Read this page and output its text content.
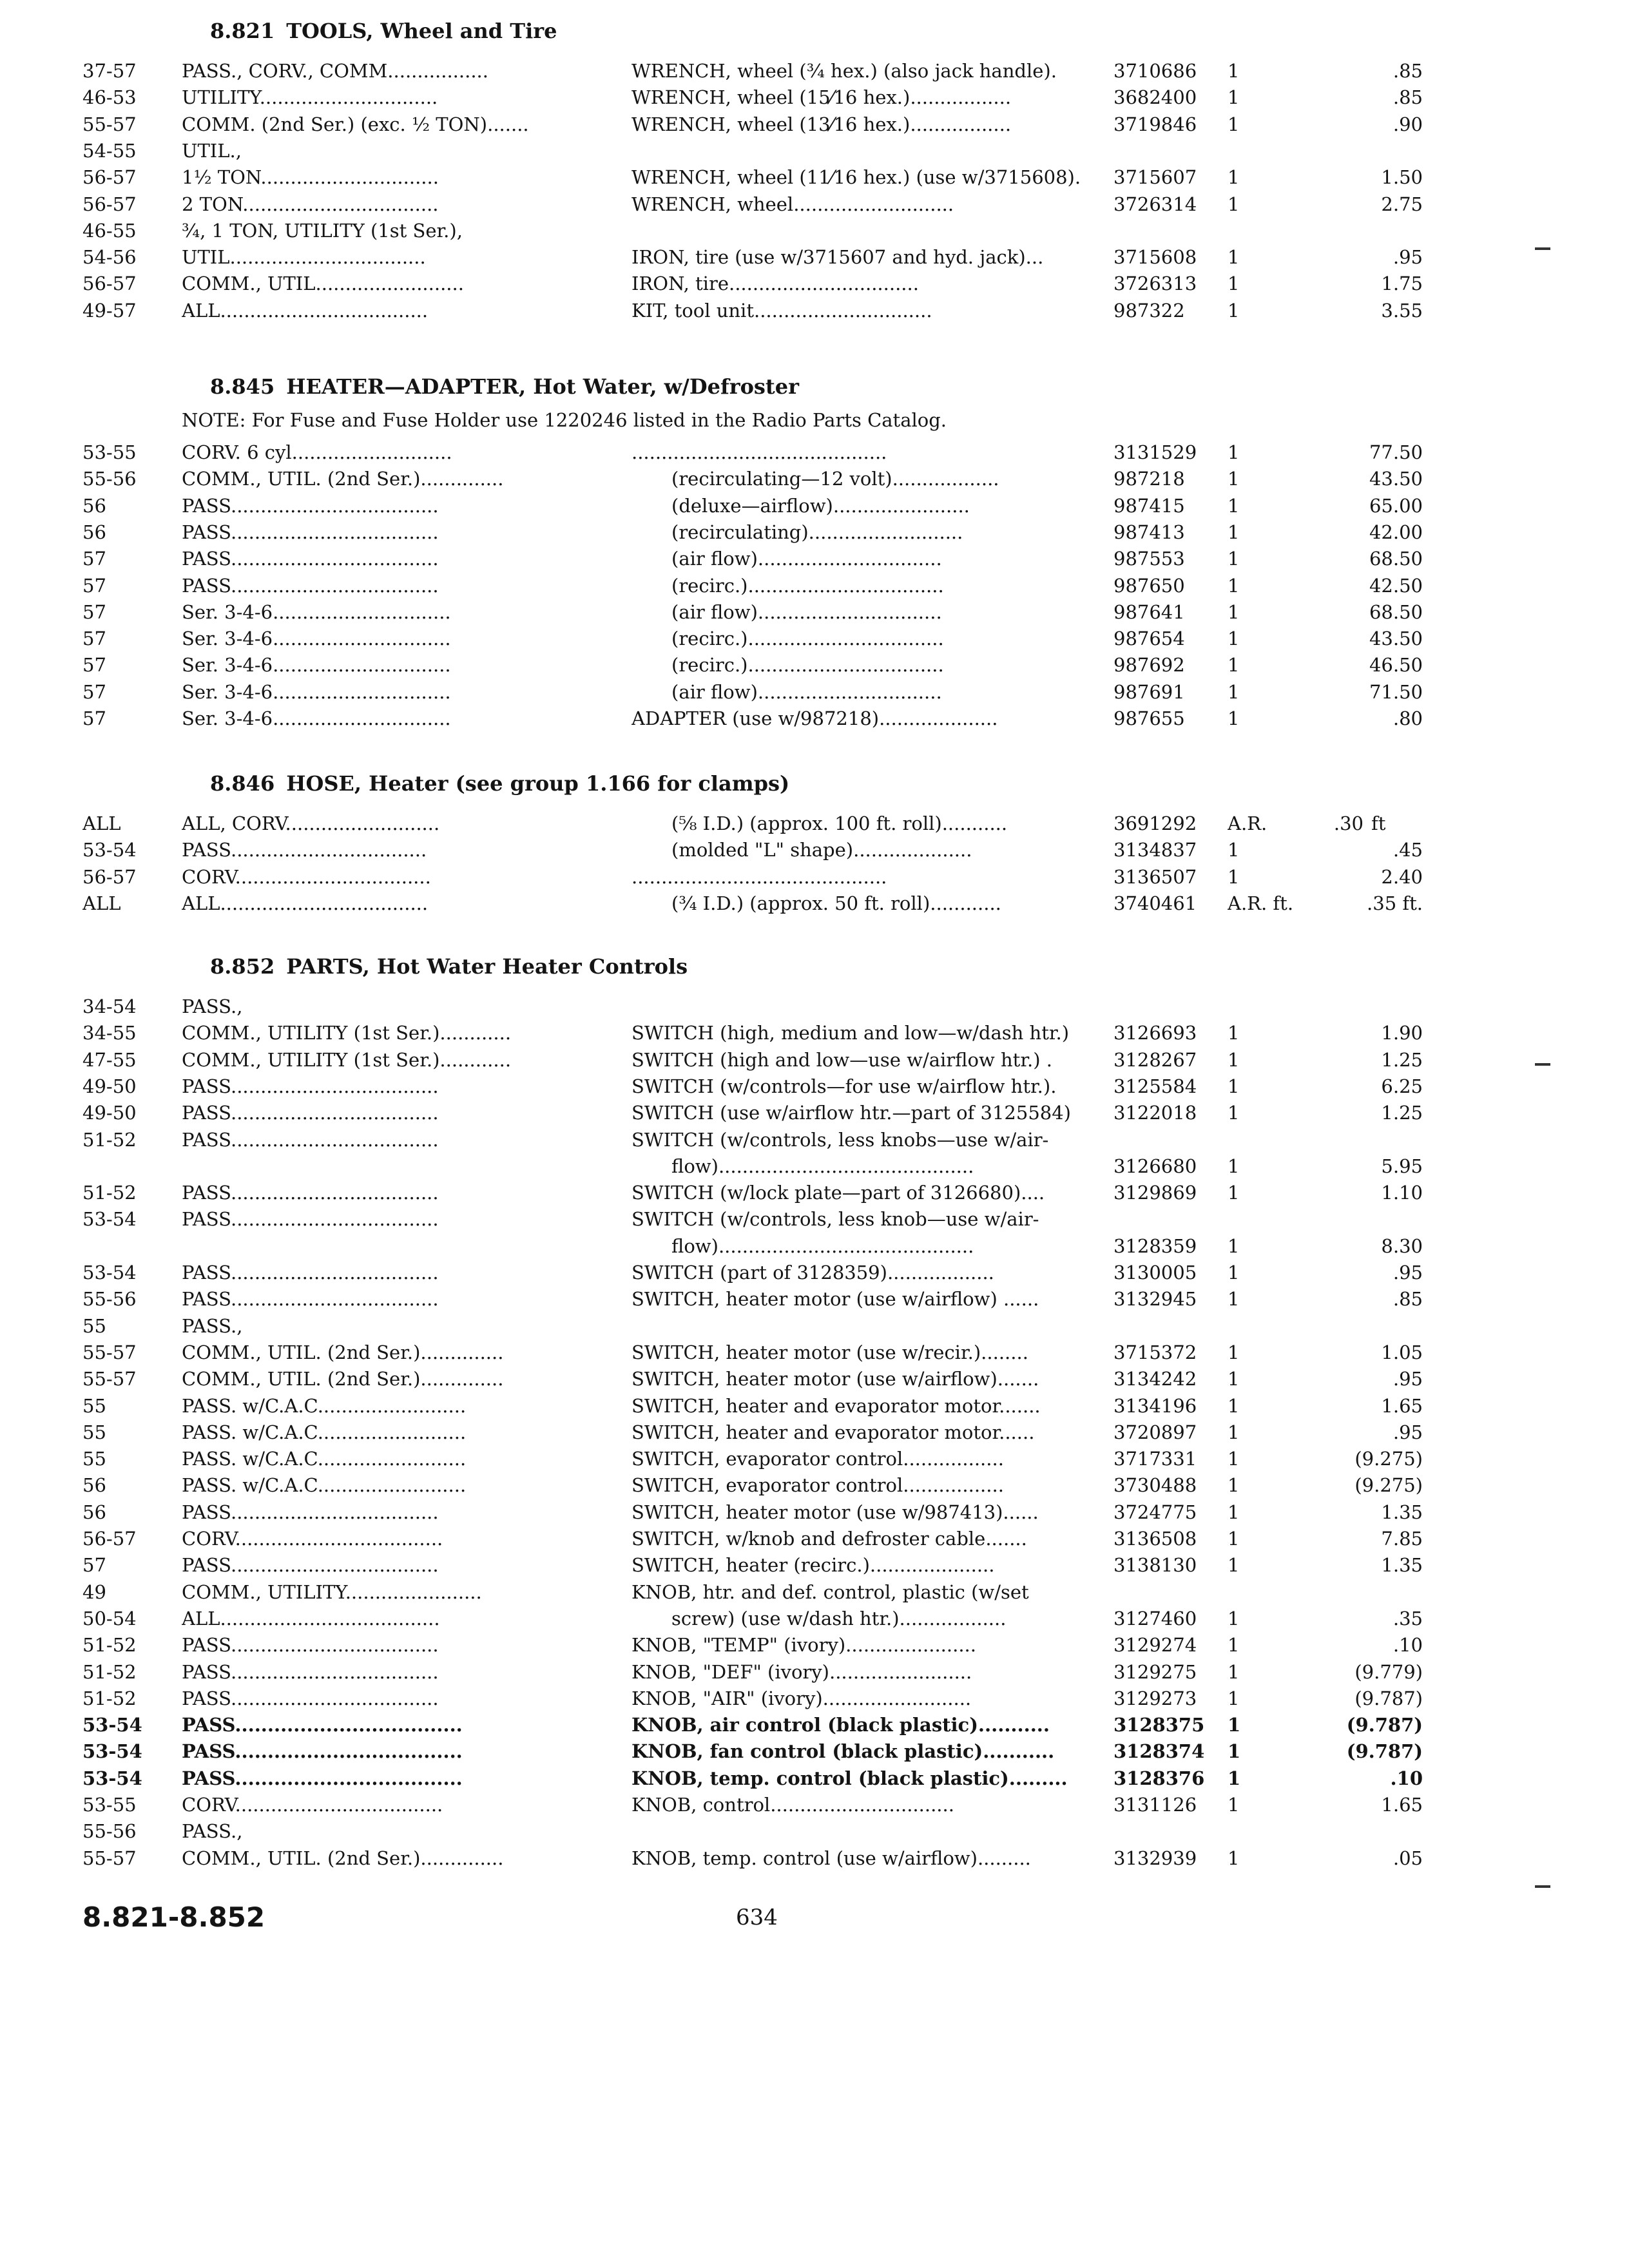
8.821-8.852	634
8.821 TOOLS, Wheel and Tire
37-57	PASS., CORV., COMM.................	WRENCH, wheel (¾ hex.) (also jack handle).	3710686	1	.85
46-53	UTILITY..............................	WRENCH, wheel (15⁄16 hex.).................	3682400	1	.85
55-57	COMM. (2nd Ser.) (exc. ½ TON).......	WRENCH, wheel (13⁄16 hex.).................	3719846	1	.90
54-55	UTIL.,
56-57	1½ TON..............................	WRENCH, wheel (11⁄16 hex.) (use w/3715608).	3715607	1	1.50
56-57	2 TON.................................	WRENCH, wheel...........................	3726314	1	2.75
46-55	¾, 1 TON, UTILITY (1st Ser.),
54-56	UTIL.................................	IRON, tire (use w/3715607 and hyd. jack)...	3715608	1	.95
56-57	COMM., UTIL.........................	IRON, tire................................	3726313	1	1.75
49-57	ALL...................................	KIT, tool unit..............................	987322	1	3.55
8.845 HEATER—ADAPTER, Hot Water, w/Defroster
NOTE: For Fuse and Fuse Holder use 1220246 listed in the Radio Parts Catalog.
53-55	CORV. 6 cyl...........................	...........................................	3131529	1	77.50
55-56	COMM., UTIL. (2nd Ser.)..............	(recirculating—12 volt)..................	987218	1	43.50
56	PASS...................................	(deluxe—airflow).......................	987415	1	65.00
56	PASS...................................	(recirculating)..........................	987413	1	42.00
57	PASS...................................	(air flow)...............................	987553	1	68.50
57	PASS...................................	(recirc.).................................	987650	1	42.50
57	Ser. 3-4-6..............................	(air flow)...............................	987641	1	68.50
57	Ser. 3-4-6..............................	(recirc.).................................	987654	1	43.50
57	Ser. 3-4-6..............................	(recirc.).................................	987692	1	46.50
57	Ser. 3-4-6..............................	(air flow)...............................	987691	1	71.50
57	Ser. 3-4-6..............................	ADAPTER (use w/987218)....................	987655	1	.80
8.846 HOSE, Heater (see group 1.166 for clamps)
ALL	ALL, CORV..........................	(⅝ I.D.) (approx. 100 ft. roll)...........	3691292	A.R.	.30 ft
53-54	PASS.................................	(molded "L" shape)....................	3134837	1	.45
56-57	CORV.................................	...........................................	3136507	1	2.40
ALL	ALL...................................	(¾ I.D.) (approx. 50 ft. roll)............	3740461	A.R. ft.	.35 ft.
8.852 PARTS, Hot Water Heater Controls
34-54	PASS.,
34-55	COMM., UTILITY (1st Ser.)............	SWITCH (high, medium and low—w/dash htr.)	3126693	1	1.90
47-55	COMM., UTILITY (1st Ser.)............	SWITCH (high and low—use w/airflow htr.) .	3128267	1	1.25
49-50	PASS...................................	SWITCH (w/controls—for use w/airflow htr.).	3125584	1	6.25
49-50	PASS...................................	SWITCH (use w/airflow htr.—part of 3125584)	3122018	1	1.25
51-52	PASS...................................	SWITCH (w/controls, less knobs—use w/air-
flow)...........................................	3126680	1	5.95
51-52	PASS...................................	SWITCH (w/lock plate—part of 3126680)....	3129869	1	1.10
53-54	PASS...................................	SWITCH (w/controls, less knob—use w/air-
flow)...........................................	3128359	1	8.30
53-54	PASS...................................	SWITCH (part of 3128359)..................	3130005	1	.95
55-56	PASS...................................	SWITCH, heater motor (use w/airflow) ......	3132945	1	.85
55	PASS.,
55-57	COMM., UTIL. (2nd Ser.)..............	SWITCH, heater motor (use w/recir.)........	3715372	1	1.05
55-57	COMM., UTIL. (2nd Ser.)..............	SWITCH, heater motor (use w/airflow).......	3134242	1	.95
55	PASS. w/C.A.C.........................	SWITCH, heater and evaporator motor.......	3134196	1	1.65
55	PASS. w/C.A.C.........................	SWITCH, heater and evaporator motor......	3720897	1	.95
55	PASS. w/C.A.C.........................	SWITCH, evaporator control.................	3717331	1	(9.275)
56	PASS. w/C.A.C.........................	SWITCH, evaporator control.................	3730488	1	(9.275)
56	PASS...................................	SWITCH, heater motor (use w/987413)......	3724775	1	1.35
56-57	CORV...................................	SWITCH, w/knob and defroster cable.......	3136508	1	7.85
57	PASS...................................	SWITCH, heater (recirc.).....................	3138130	1	1.35
49	COMM., UTILITY.......................	KNOB, htr. and def. control, plastic (w/set
50-54	ALL.....................................	screw) (use w/dash htr.)..................	3127460	1	.35
51-52	PASS...................................	KNOB, "TEMP" (ivory)......................	3129274	1	.10
51-52	PASS...................................	KNOB, "DEF" (ivory)........................	3129275	1	(9.779)
51-52	PASS...................................	KNOB, "AIR" (ivory).........................	3129273	1	(9.787)
53-54	PASS...................................	KNOB, air control (black plastic)...........	3128375	1	(9.787)
53-54	PASS...................................	KNOB, fan control (black plastic)...........	3128374	1	(9.787)
53-54	PASS...................................	KNOB, temp. control (black plastic).........	3128376	1	.10
53-55	CORV...................................	KNOB, control...............................	3131126	1	1.65
55-56	PASS.,
55-57	COMM., UTIL. (2nd Ser.)..............	KNOB, temp. control (use w/airflow).........	3132939	1	.05
